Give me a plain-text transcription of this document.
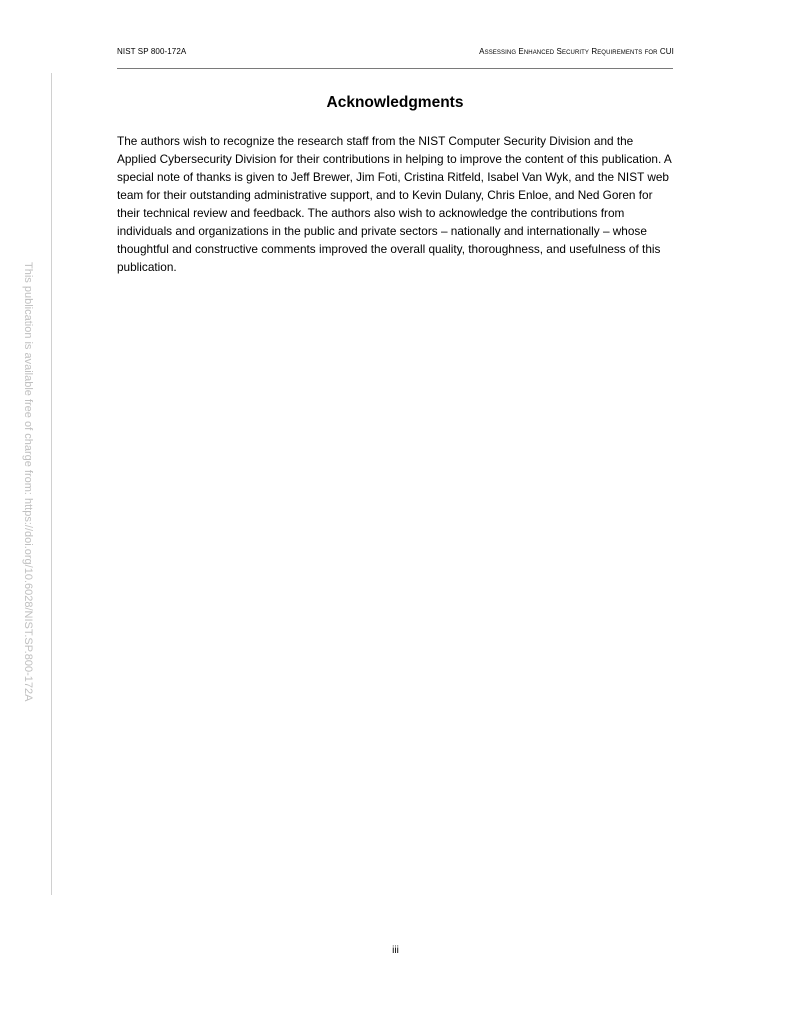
NIST SP 800-172A	Assessing Enhanced Security Requirements for CUI
This publication is available free of charge from: https://doi.org/10.6028/NIST.SP.800-172A
Acknowledgments

The authors wish to recognize the research staff from the NIST Computer Security Division and the Applied Cybersecurity Division for their contributions in helping to improve the content of this publication. A special note of thanks is given to Jeff Brewer, Jim Foti, Cristina Ritfeld, Isabel Van Wyk, and the NIST web team for their outstanding administrative support, and to Kevin Dulany, Chris Enloe, and Ned Goren for their technical review and feedback. The authors also wish to acknowledge the contributions from individuals and organizations in the public and private sectors – nationally and internationally – whose thoughtful and constructive comments improved the overall quality, thoroughness, and usefulness of this publication.

iii
